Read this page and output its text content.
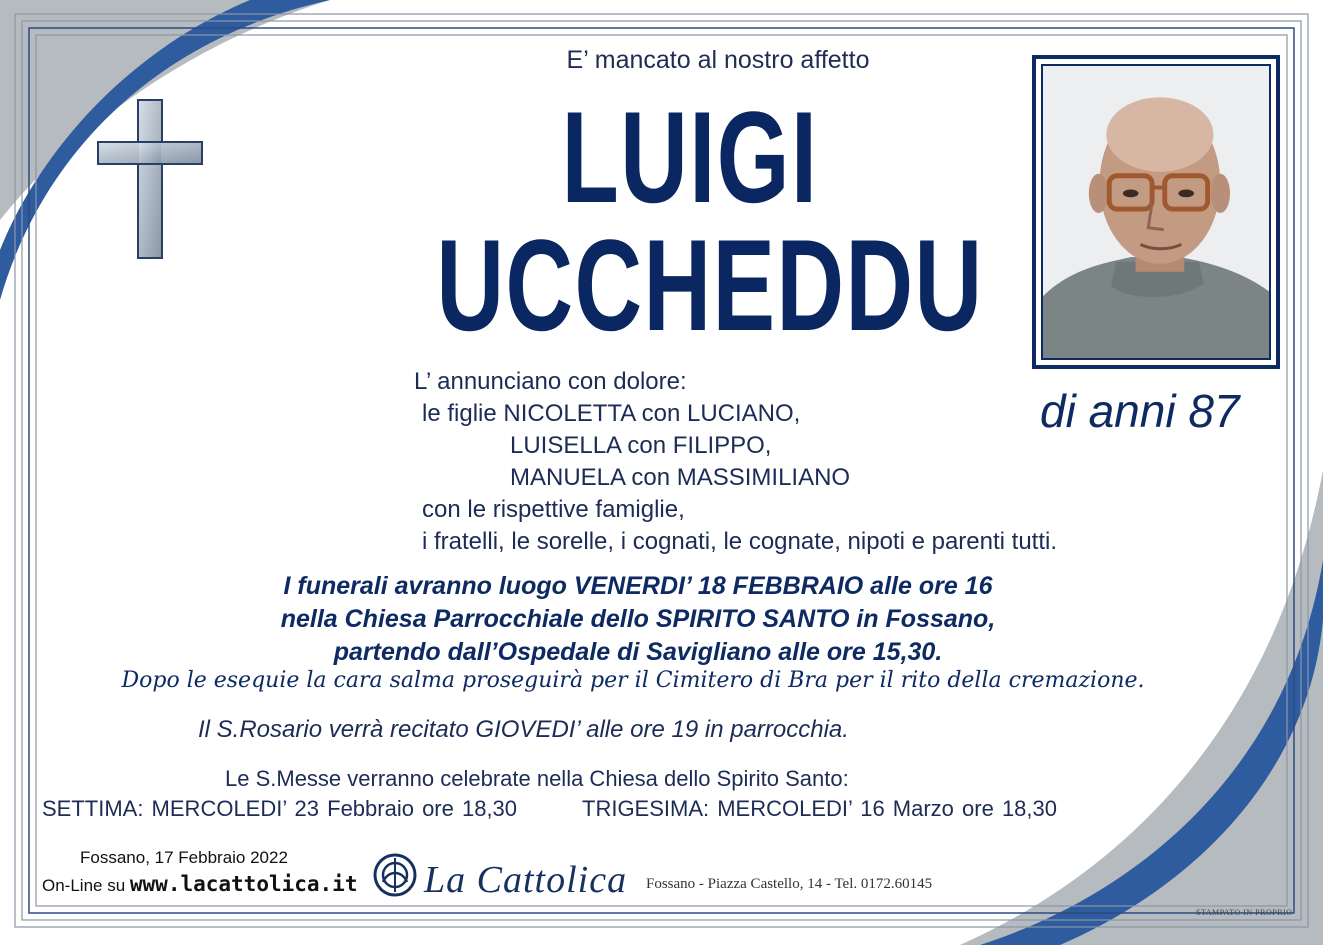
E’ mancato al nostro affetto
LUIGI
UCCHEDDU
di anni 87
L’ annunciano con dolore:
le figlie NICOLETTA con LUCIANO,
LUISELLA con FILIPPO,
MANUELA con MASSIMILIANO
con le rispettive famiglie,
i fratelli, le sorelle, i cognati, le cognate, nipoti e parenti tutti.
I funerali avranno luogo VENERDI’ 18 FEBBRAIO alle ore 16
nella Chiesa Parrocchiale dello SPIRITO SANTO in Fossano,
partendo dall’Ospedale di Savigliano alle ore 15,30.
Dopo le esequie la cara salma proseguirà per il Cimitero di Bra per il rito della cremazione.
Il S.Rosario verrà recitato GIOVEDI’ alle ore 19 in parrocchia.
Le S.Messe verranno celebrate nella Chiesa dello Spirito Santo:
SETTIMA: MERCOLEDI’ 23 Febbraio ore 18,30	TRIGESIMA: MERCOLEDI’ 16 Marzo ore 18,30
Fossano, 17 Febbraio 2022
On-Line su www.lacattolica.it La Cattolica Fossano - Piazza Castello, 14 - Tel. 0172.60145
STAMPATO IN PROPRIO
